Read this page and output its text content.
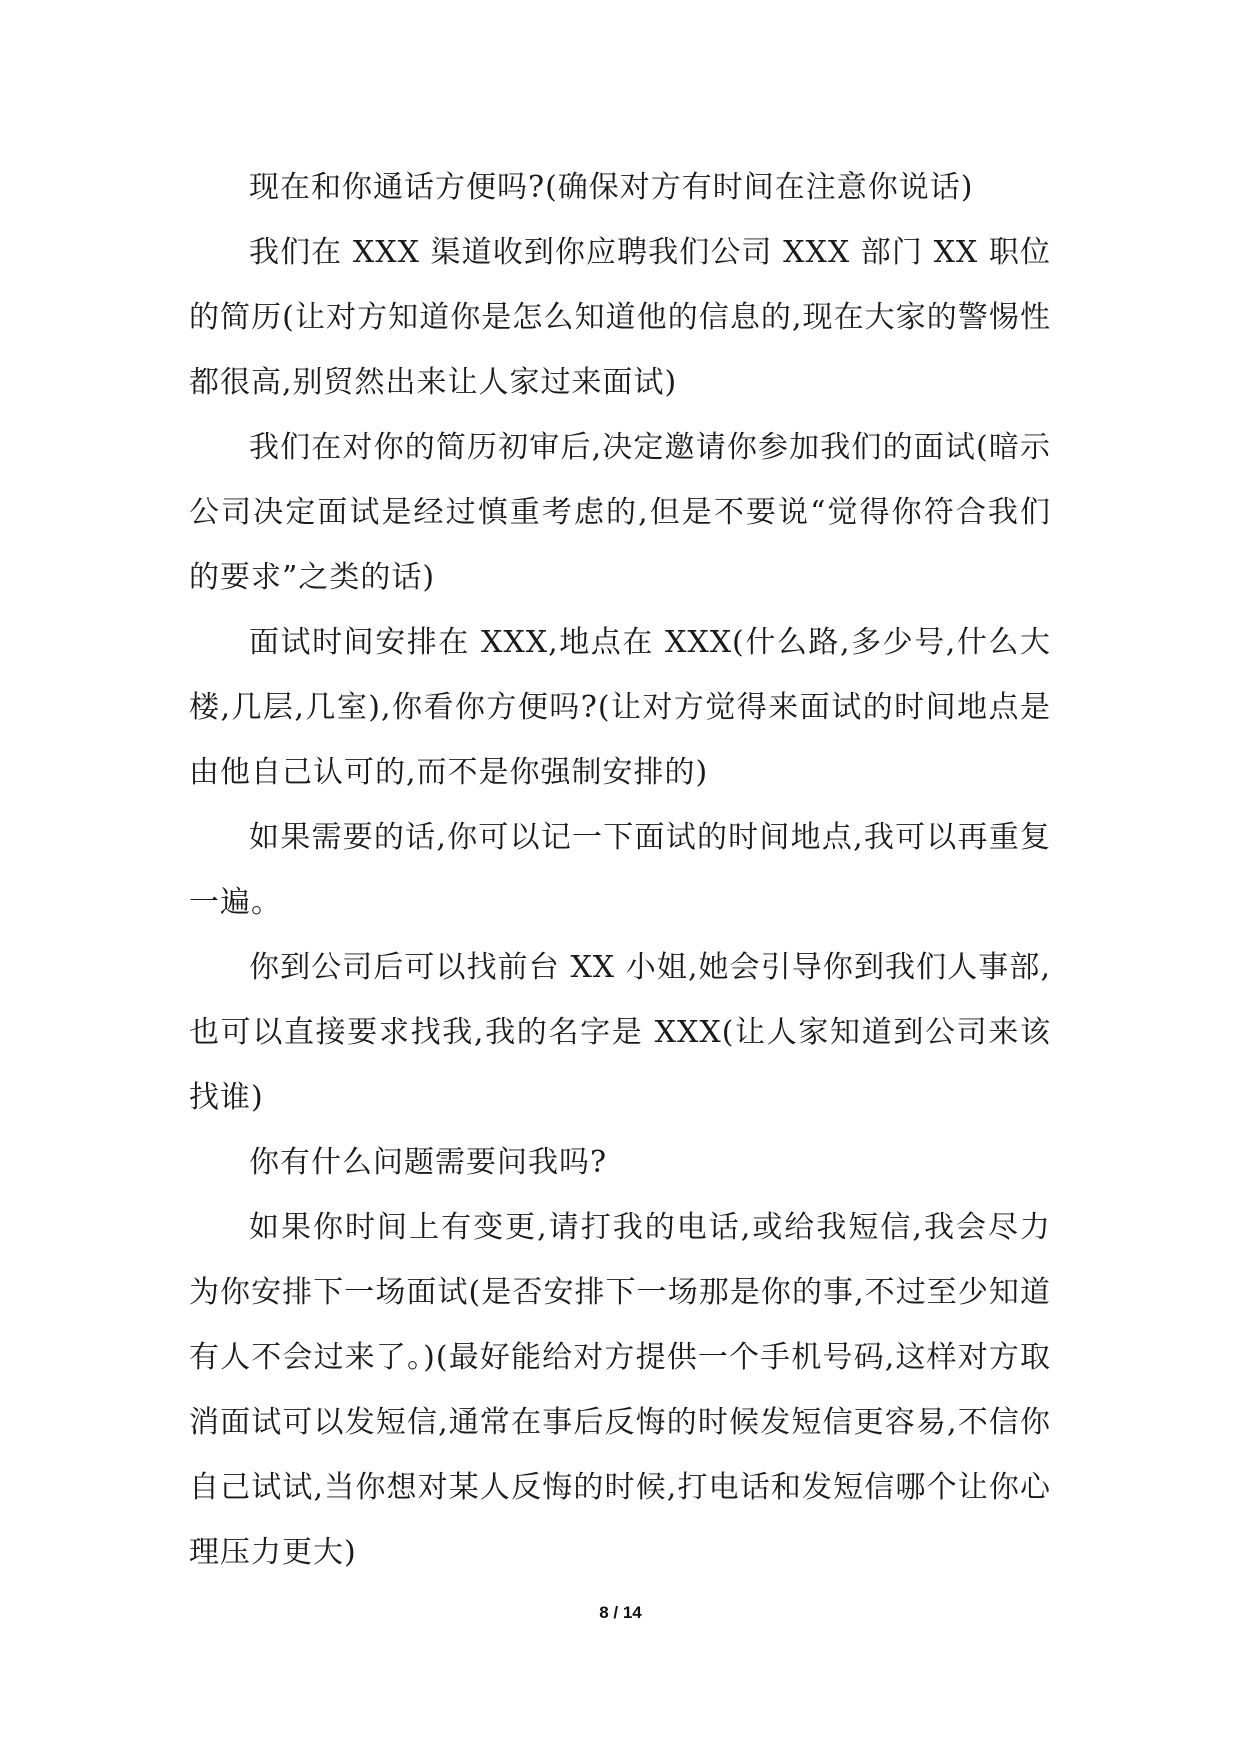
现在和你通话方便吗?(确保对方有时间在注意你说话)

我们在 XXX 渠道收到你应聘我们公司 XXX 部门 XX 职位的简历(让对方知道你是怎么知道他的信息的,现在大家的警惕性都很高,别贸然出来让人家过来面试)

我们在对你的简历初审后,决定邀请你参加我们的面试(暗示公司决定面试是经过慎重考虑的,但是不要说“觉得你符合我们的要求”之类的话)

面试时间安排在 XXX,地点在 XXX(什么路,多少号,什么大楼,几层,几室),你看你方便吗?(让对方觉得来面试的时间地点是由他自己认可的,而不是你强制安排的)

如果需要的话,你可以记一下面试的时间地点,我可以再重复一遍。

你到公司后可以找前台 XX 小姐,她会引导你到我们人事部,也可以直接要求找我,我的名字是 XXX(让人家知道到公司来该找谁)

你有什么问题需要问我吗?

如果你时间上有变更,请打我的电话,或给我短信,我会尽力为你安排下一场面试(是否安排下一场那是你的事,不过至少知道有人不会过来了。)(最好能给对方提供一个手机号码,这样对方取消面试可以发短信,通常在事后反悔的时候发短信更容易,不信你自己试试,当你想对某人反悔的时候,打电话和发短信哪个让你心理压力更大)

8 / 14
